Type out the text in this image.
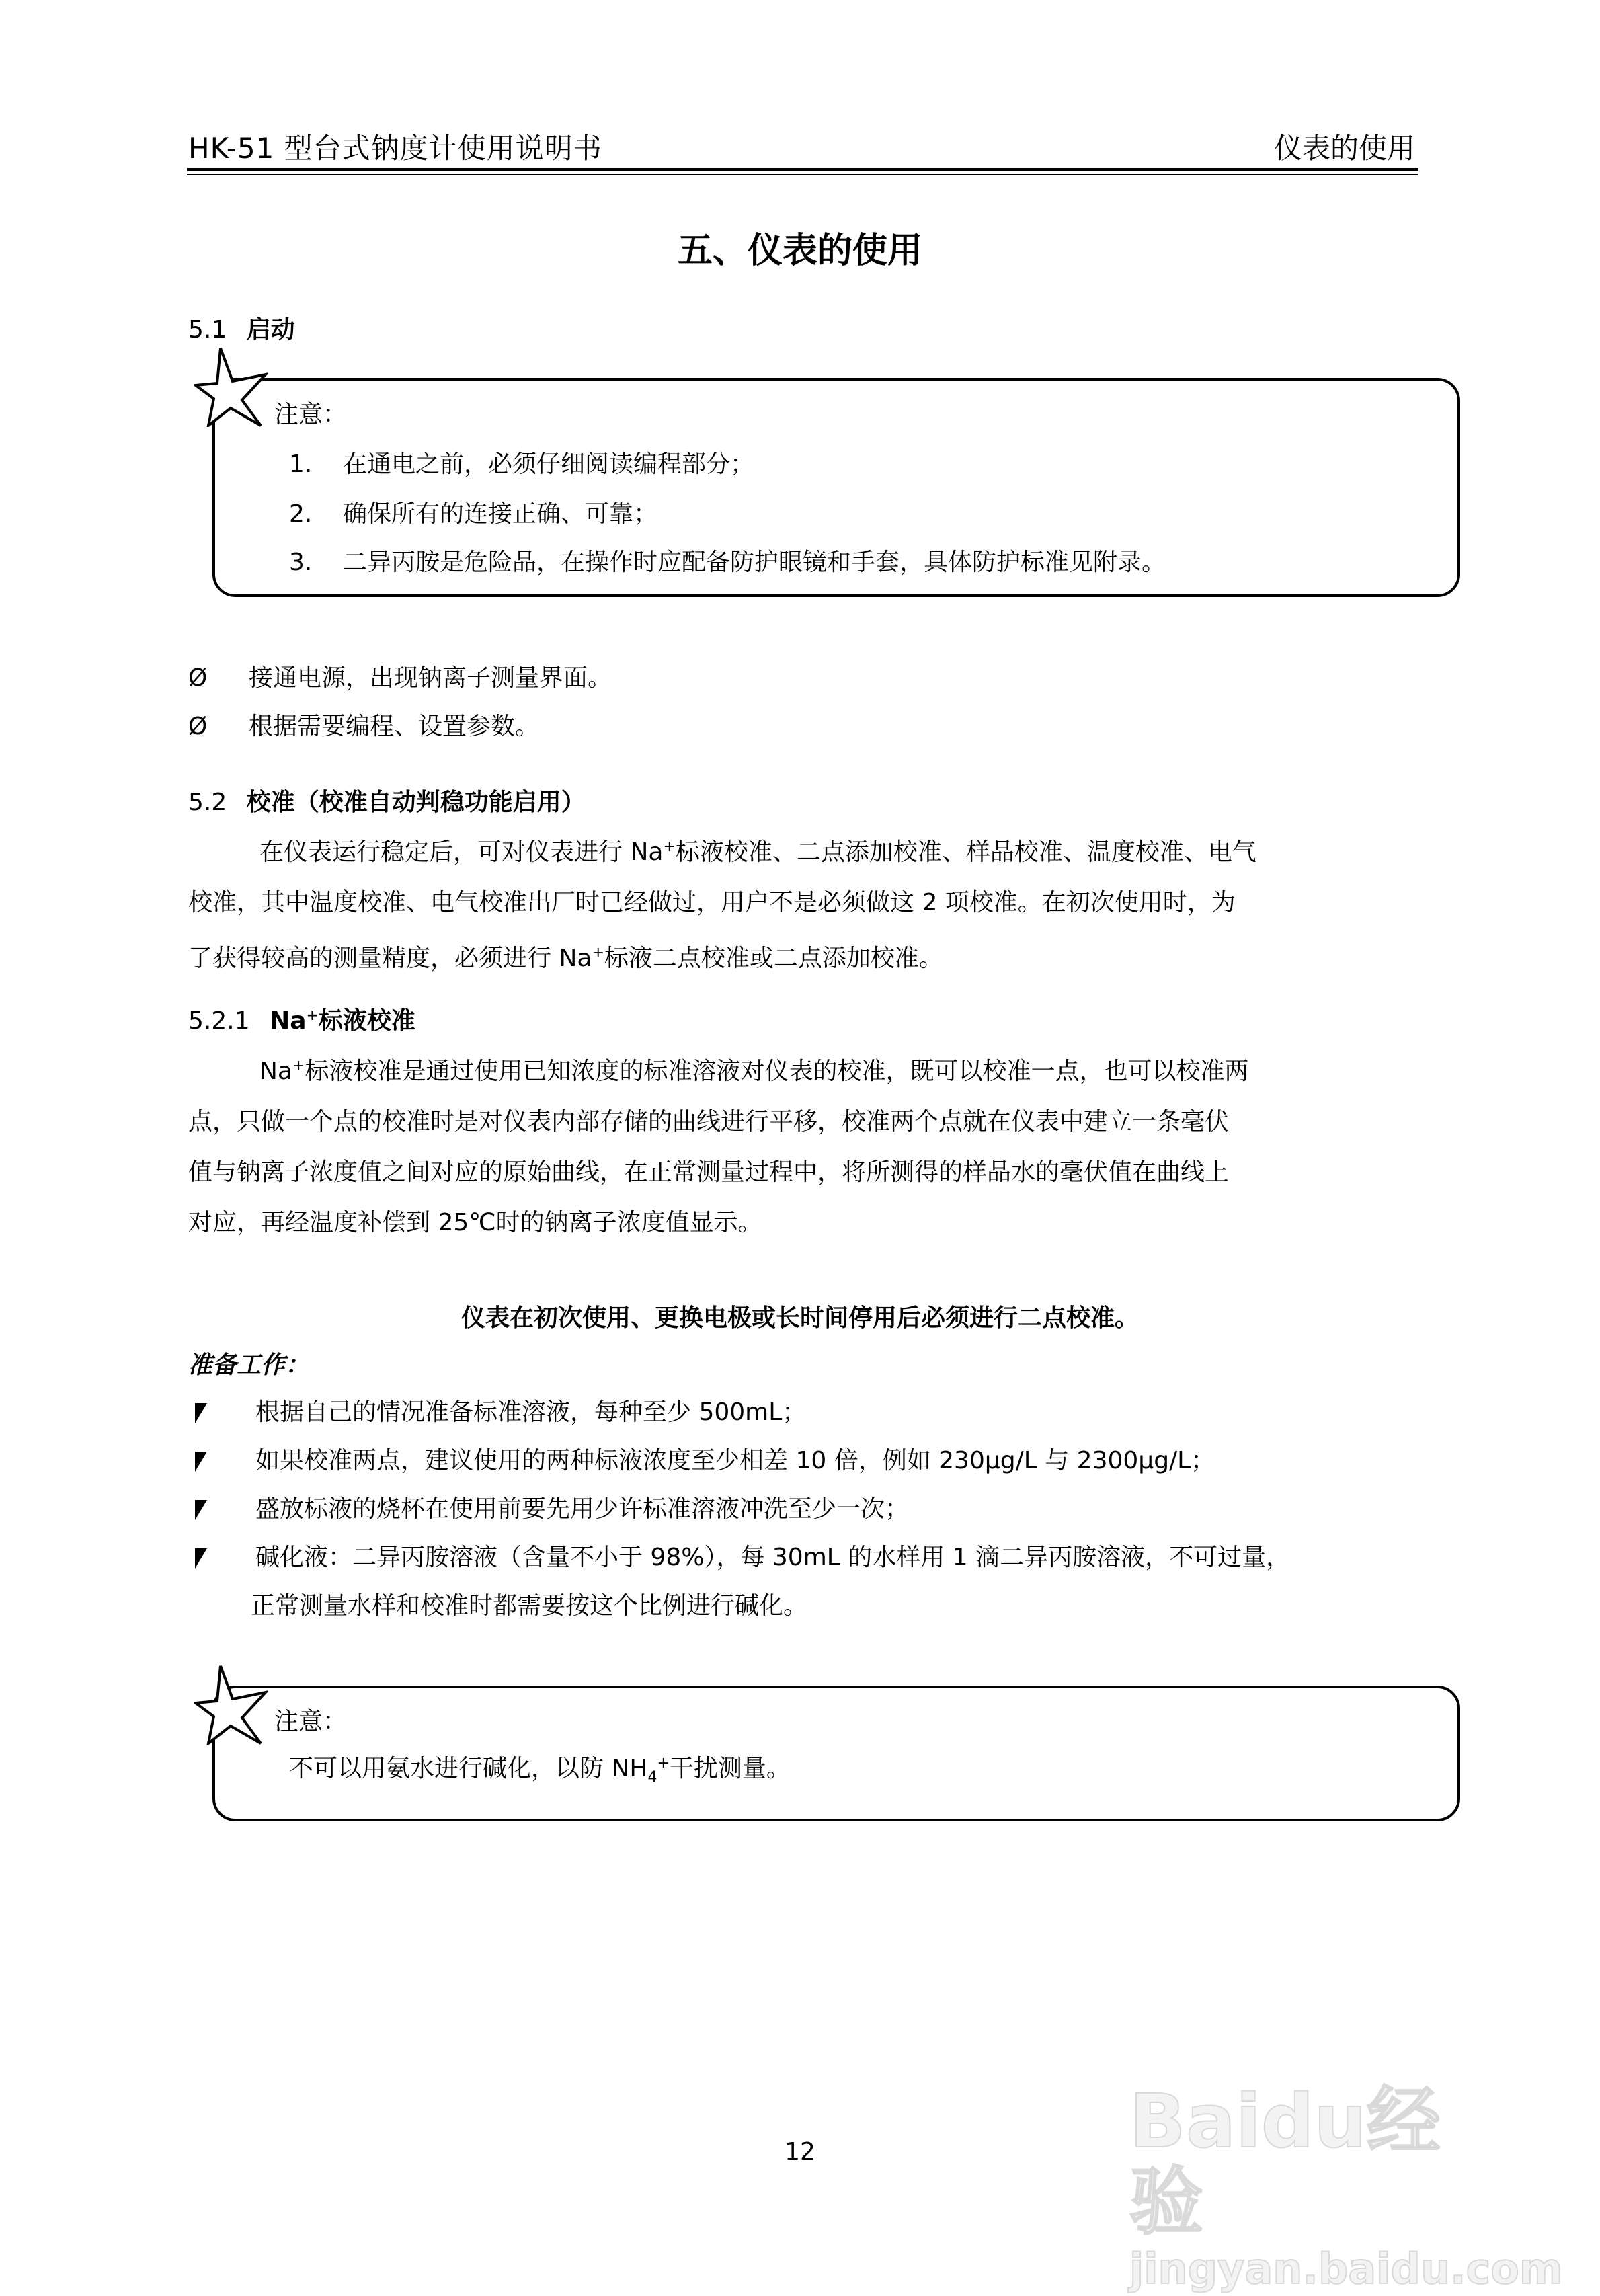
HK-51 型台式钠度计使用说明书	仪表的使用
五、仪表的使用
5.1 启动
注意：
1. 在通电之前，必须仔细阅读编程部分；
2. 确保所有的连接正确、可靠；
3. 二异丙胺是危险品，在操作时应配备防护眼镜和手套，具体防护标准见附录。
Ø 接通电源，出现钠离子测量界面。
Ø 根据需要编程、设置参数。
5.2 校准（校准自动判稳功能启用）
在仪表运行稳定后，可对仪表进行 Na+标液校准、二点添加校准、样品校准、温度校准、电气
校准，其中温度校准、电气校准出厂时已经做过，用户不是必须做这 2 项校准。在初次使用时，为
了获得较高的测量精度，必须进行 Na+标液二点校准或二点添加校准。
5.2.1 Na+标液校准
Na+标液校准是通过使用已知浓度的标准溶液对仪表的校准，既可以校准一点，也可以校准两
点，只做一个点的校准时是对仪表内部存储的曲线进行平移，校准两个点就在仪表中建立一条毫伏
值与钠离子浓度值之间对应的原始曲线，在正常测量过程中，将所测得的样品水的毫伏值在曲线上
对应，再经温度补偿到 25℃时的钠离子浓度值显示。
仪表在初次使用、更换电极或长时间停用后必须进行二点校准。
准备工作：
根据自己的情况准备标准溶液，每种至少 500mL；
如果校准两点，建议使用的两种标液浓度至少相差 10 倍，例如 230μg/L 与 2300μg/L；
盛放标液的烧杯在使用前要先用少许标准溶液冲洗至少一次；
碱化液：二异丙胺溶液（含量不小于 98%），每 30mL 的水样用 1 滴二异丙胺溶液，不可过量，
正常测量水样和校准时都需要按这个比例进行碱化。
注意：
不可以用氨水进行碱化，以防 $NH_4^+$干扰测量。
12	Baidu经验
jingyan.baidu.com
